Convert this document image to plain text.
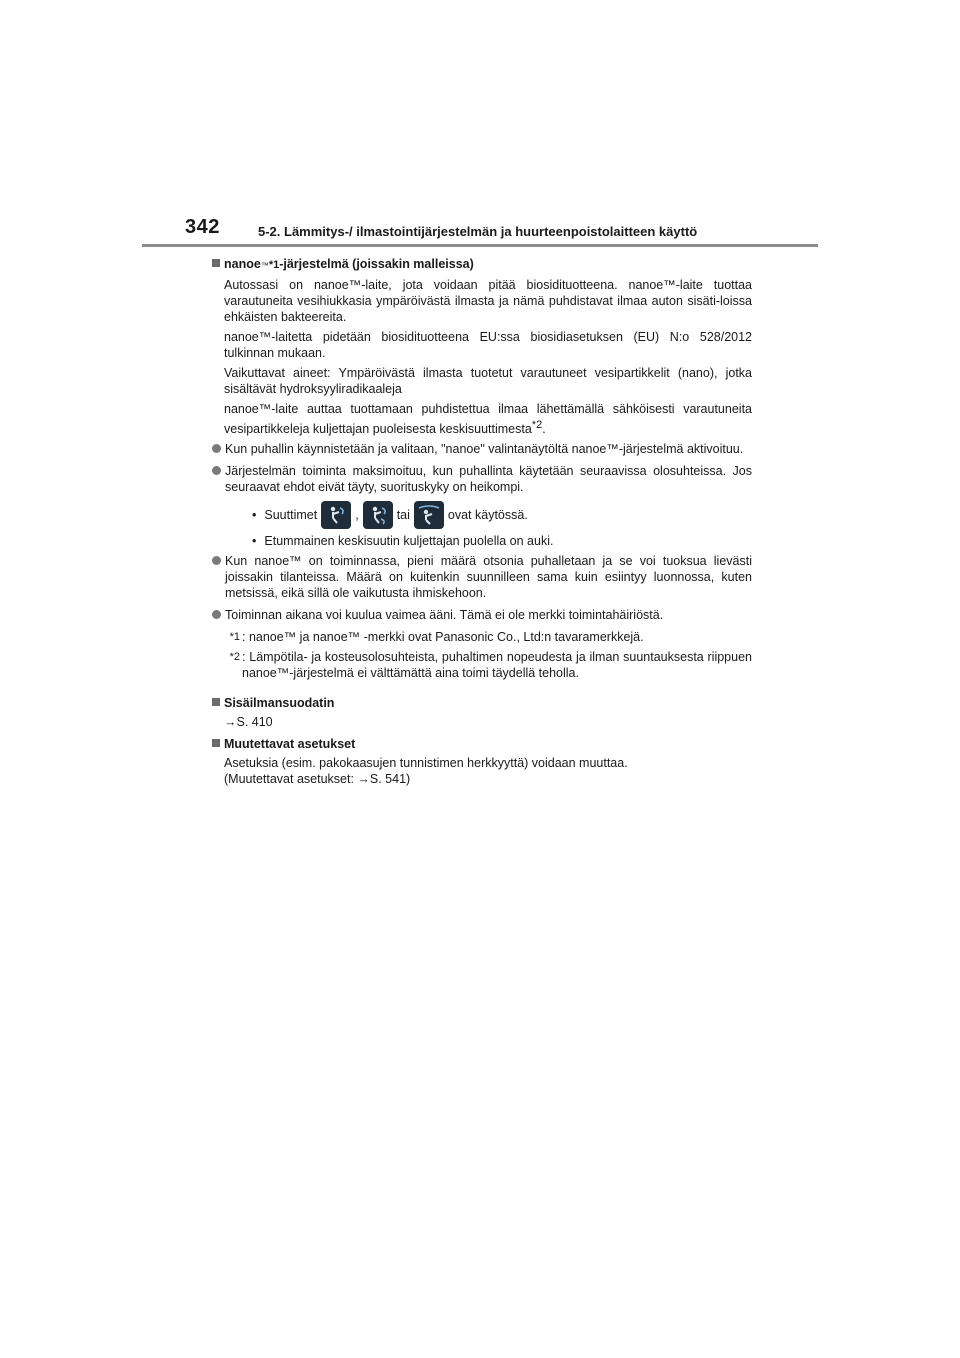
342	5-2. Lämmitys-/ ilmastointijärjestelmän ja huurteenpoistolaitteen käyttö
nanoe ™ *1 -järjestelmä (joissakin malleissa)

Autossasi on nanoe™-laite, jota voidaan pitää biosidituotteena. nanoe™-laite tuottaa varautuneita vesihiukkasia ympäröivästä ilmasta ja nämä puhdistavat ilmaa auton sisäti-loissa ehkäisten bakteereita.

nanoe™-laitetta pidetään biosidituotteena EU:ssa biosidiasetuksen (EU) N:o 528/2012 tulkinnan mukaan.

Vaikuttavat aineet: Ympäröivästä ilmasta tuotetut varautuneet vesipartikkelit (nano), jotka sisältävät hydroksyyliradikaaleja

nanoe™-laite auttaa tuottamaan puhdistettua ilmaa lähettämällä sähköisesti varautuneita vesipartikkeleja kuljettajan puoleisesta keskisuuttimesta*2.

Kun puhallin käynnistetään ja valitaan, "nanoe" valintanäytöltä nanoe™-järjestelmä aktivoituu.
Järjestelmän toiminta maksimoituu, kun puhallinta käytetään seuraavissa olosuhteissa. Jos seuraavat ehdot eivät täyty, suorituskyky on heikompi.
• Suuttimet	,	tai	ovat käytössä.
• Etummainen keskisuutin kuljettajan puolella on auki.
Kun nanoe™ on toiminnassa, pieni määrä otsonia puhalletaan ja se voi tuoksua lievästi joissakin tilanteissa. Määrä on kuitenkin suunnilleen sama kuin esiintyy luonnossa, kuten metsissä, eikä sillä ole vaikutusta ihmiskehoon.
Toiminnan aikana voi kuulua vaimea ääni. Tämä ei ole merkki toimintahäiriöstä.
*1 : nanoe™ ja nanoe™ -merkki ovat Panasonic Co., Ltd:n tavaramerkkejä.
*2 : Lämpötila- ja kosteusolosuhteista, puhaltimen nopeudesta ja ilman suuntauksesta riippuen nanoe™-järjestelmä ei välttämättä aina toimi täydellä teholla.
Sisäilmansuodatin
→S. 410
Muutettavat asetukset
Asetuksia (esim. pakokaasujen tunnistimen herkkyyttä) voidaan muuttaa.
(Muutettavat asetukset: →S. 541)
